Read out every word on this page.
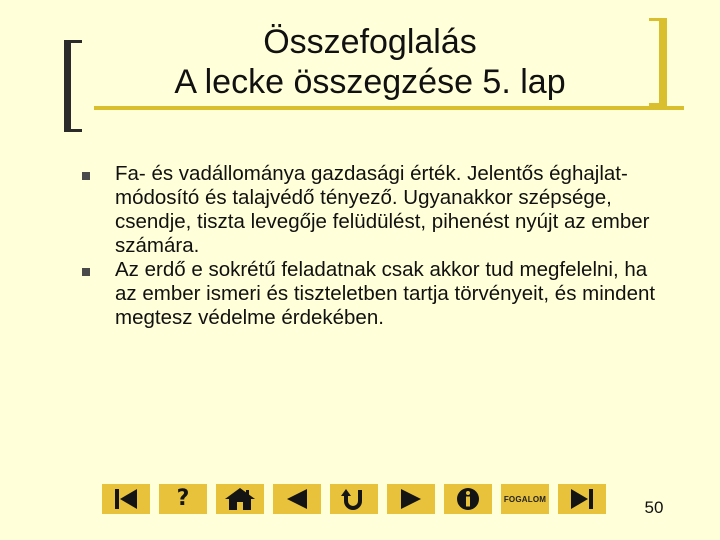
Összefoglalás
A lecke összegzése 5. lap
Fa- és vadállománya gazdasági érték. Jelentős éghajlat-módosító és talajvédő tényező. Ugyanakkor szépsége, csendje, tiszta levegője felüdülést, pihenést nyújt az ember számára.
Az erdő e sokrétű feladatnak csak akkor tud megfelelni, ha az ember ismeri és tiszteletben tartja törvényeit, és mindent megtesz védelme érdekében.
?	FOGALOM	50
